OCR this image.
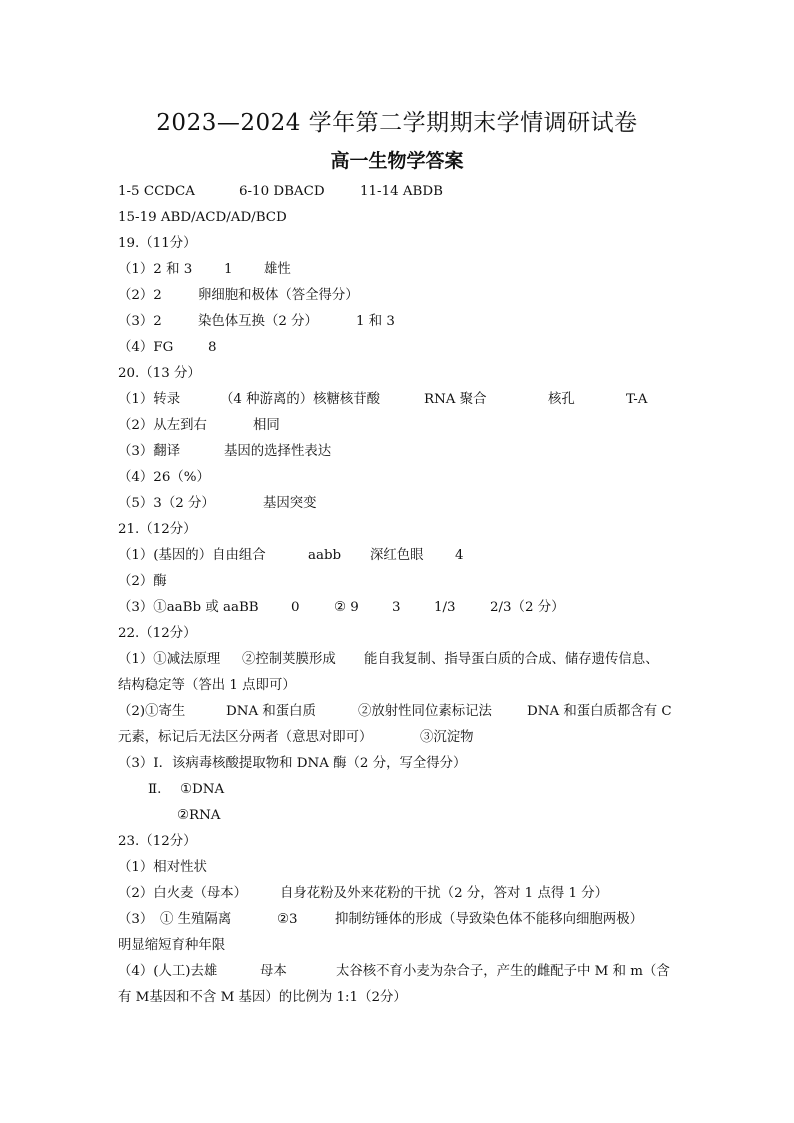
2023—2024 学年第二学期期末学情调研试卷
高一生物学答案
1-5 CCDCA	6-10 DBACD	11-14 ABDB
15-19 ABD/ACD/AD/BCD
19.（11分）
（1）2 和 3 1 雄性
（2）2	卵细胞和极体（答全得分）
（3）2	染色体互换（2 分）	1 和 3
（4）FG	8
20.（13 分）
（1）转录	（4 种游离的）核糖核苷酸	RNA 聚合	核孔	T-A
（2）从左到右	相同
（3）翻译	基因的选择性表达
（4）26（%）
（5）3（2 分）	基因突变
21.（12分）
（1）(基因的）自由组合	aabb 深红色眼 4
（2）酶
（3）①aaBb 或 aaBB 0	② 9 3 1/3	2/3（2 分）
22.（12分）
（1）①减法原理 ②控制荚膜形成 能自我复制、指导蛋白质的合成、储存遗传信息、
结构稳定等（答出 1 点即可）
（2)①寄生	DNA 和蛋白质	②放射性同位素标记法	DNA 和蛋白质都含有 C
元素，标记后无法区分两者（意思对即可）	③沉淀物
（3）Ⅰ．该病毒核酸提取物和 DNA 酶（2 分，写全得分）
Ⅱ. ①DNA
②RNA
23.（12分）
（1）相对性状
（2）白火麦（母本） 自身花粉及外来花粉的干扰（2 分，答对 1 点得 1 分）
（3） ① 生殖隔离	②3	抑制纺锤体的形成（导致染色体不能移向细胞两极）
明显缩短育种年限
（4）(人工)去雄	母本	太谷核不育小麦为杂合子，产生的雌配子中 M 和 m（含
有 M基因和不含 M 基因）的比例为 1:1（2分）
